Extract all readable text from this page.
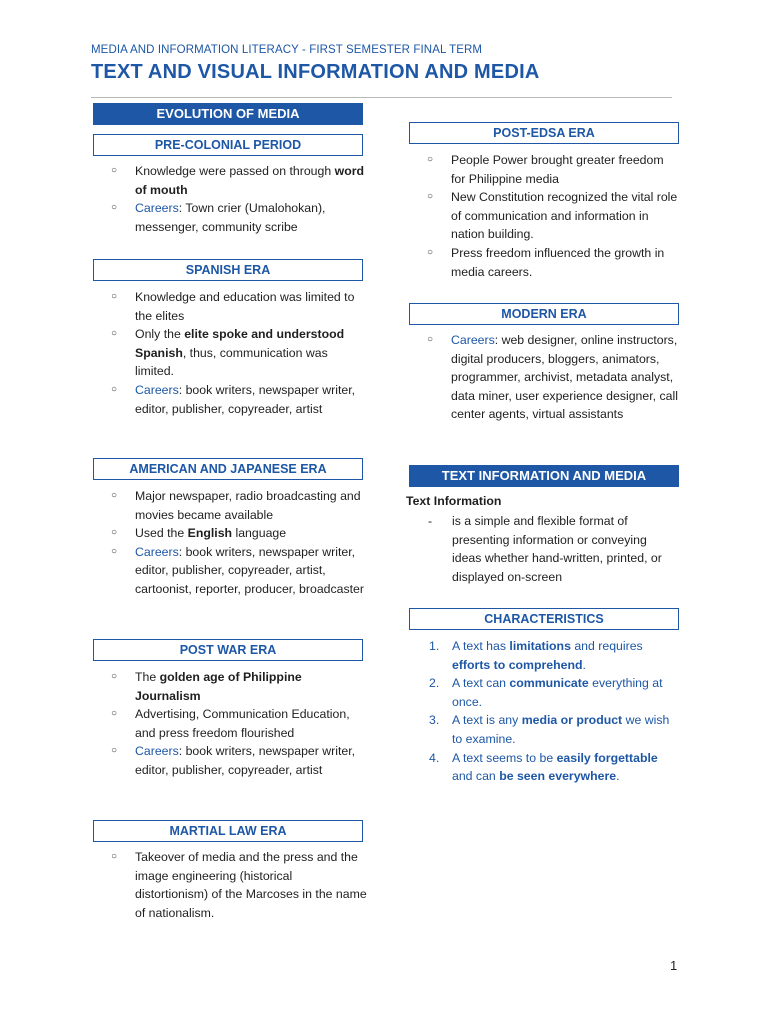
MEDIA AND INFORMATION LITERACY - FIRST SEMESTER FINAL TERM
TEXT AND VISUAL INFORMATION AND MEDIA
EVOLUTION OF MEDIA
PRE-COLONIAL PERIOD
○ Knowledge were passed on through word of mouth
○ Careers: Town crier (Umalohokan), messenger, community scribe
SPANISH ERA
○ Knowledge and education was limited to the elites
○ Only the elite spoke and understood Spanish, thus, communication was limited.
○ Careers: book writers, newspaper writer, editor, publisher, copyreader, artist
AMERICAN AND JAPANESE ERA
○ Major newspaper, radio broadcasting and movies became available
○ Used the English language
○ Careers: book writers, newspaper writer, editor, publisher, copyreader, artist, cartoonist, reporter, producer, broadcaster
POST WAR ERA
○ The golden age of Philippine Journalism
○ Advertising, Communication Education, and press freedom flourished
○ Careers: book writers, newspaper writer, editor, publisher, copyreader, artist
MARTIAL LAW ERA
○ Takeover of media and the press and the image engineering (historical distortionism) of the Marcoses in the name of nationalism.
POST-EDSA ERA
○ People Power brought greater freedom for Philippine media
○ New Constitution recognized the vital role of communication and information in nation building.
○ Press freedom influenced the growth in media careers.
MODERN ERA
○ Careers: web designer, online instructors, digital producers, bloggers, animators, programmer, archivist, metadata analyst, data miner, user experience designer, call center agents, virtual assistants
TEXT INFORMATION AND MEDIA
Text Information
-	is a simple and flexible format of presenting information or conveying ideas whether hand-written, printed, or displayed on-screen
CHARACTERISTICS
1. A text has limitations and requires efforts to comprehend.
2. A text can communicate everything at once.
3. A text is any media or product we wish to examine.
4. A text seems to be easily forgettable and can be seen everywhere.
1
